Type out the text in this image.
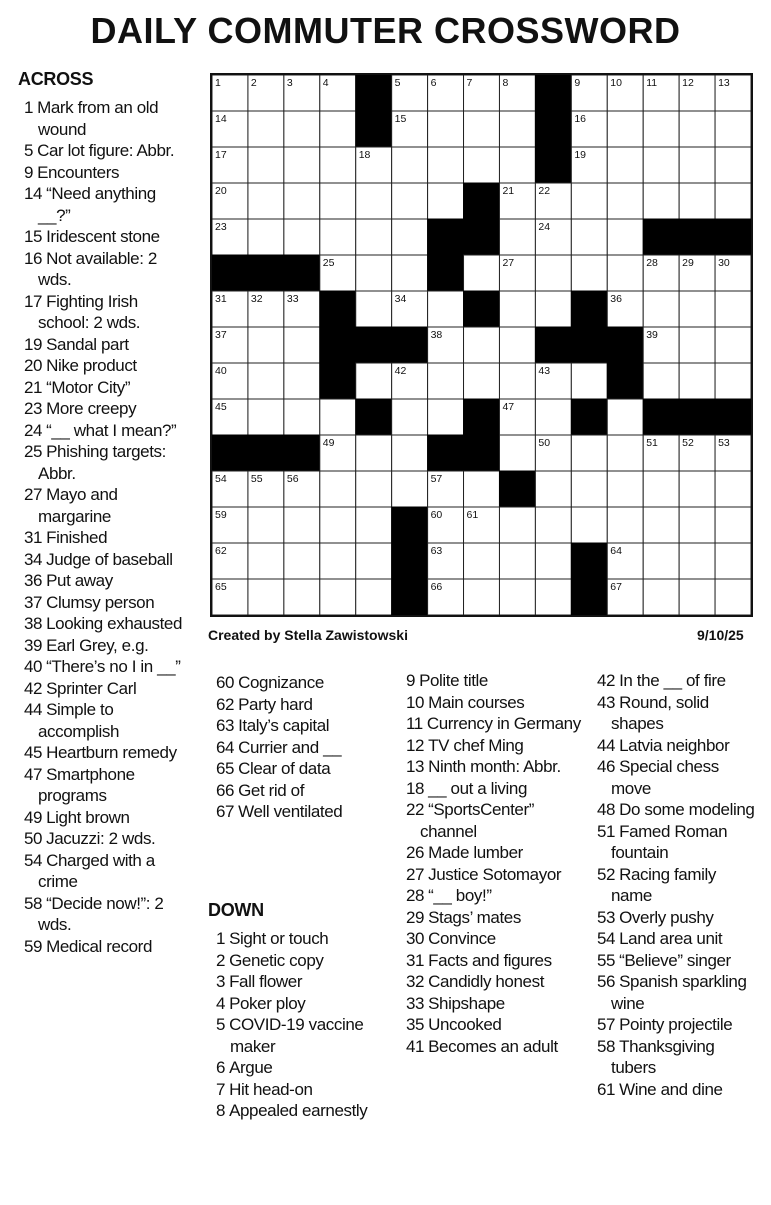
DAILY COMMUTER CROSSWORD
ACROSS
1 Mark from an old wound
5 Car lot figure: Abbr.
9 Encounters
14 “Need anything __?”
15 Iridescent stone
16 Not available: 2 wds.
17 Fighting Irish school: 2 wds.
19 Sandal part
20 Nike product
21 “Motor City”
23 More creepy
24 “__ what I mean?”
25 Phishing targets: Abbr.
27 Mayo and margarine
31 Finished
34 Judge of baseball
36 Put away
37 Clumsy person
38 Looking exhausted
39 Earl Grey, e.g.
40 “There’s no I in __”
42 Sprinter Carl
44 Simple to accomplish
45 Heartburn remedy
47 Smartphone programs
49 Light brown
50 Jacuzzi: 2 wds.
54 Charged with a crime
58 “Decide now!”: 2 wds.
59 Medical record
1	2	3	4	5	6	7	8	9	10 11 12 13
14	15	16
17	18	19
20	21 22
23	24
25	27	28 29 30
31 32 33	34	36
37	38	39
40	42	43
45	47
49	50	51 52 53
54 55 56	57
59	60 61
62	63	64
65	66	67
Created by Stella Zawistowski	9/10/25
60 Cognizance
62 Party hard
63 Italy’s capital
64 Currier and __
65 Clear of data
66 Get rid of
67 Well ventilated
DOWN
1 Sight or touch
2 Genetic copy
3 Fall flower
4 Poker ploy
5 COVID-19 vaccine maker
6 Argue
7 Hit head-on
8 Appealed earnestly
9 Polite title
10 Main courses
11 Currency in Germany
12 TV chef Ming
13 Ninth month: Abbr.
18 __ out a living
22 “SportsCenter” channel
26 Made lumber
27 Justice Sotomayor
28 “__ boy!”
29 Stags’ mates
30 Convince
31 Facts and figures
32 Candidly honest
33 Shipshape
35 Uncooked
41 Becomes an adult
42 In the __ of fire
43 Round, solid shapes
44 Latvia neighbor
46 Special chess move
48 Do some modeling
51 Famed Roman fountain
52 Racing family name
53 Overly pushy
54 Land area unit
55 “Believe” singer
56 Spanish sparkling wine
57 Pointy projectile
58 Thanksgiving tubers
61 Wine and dine
